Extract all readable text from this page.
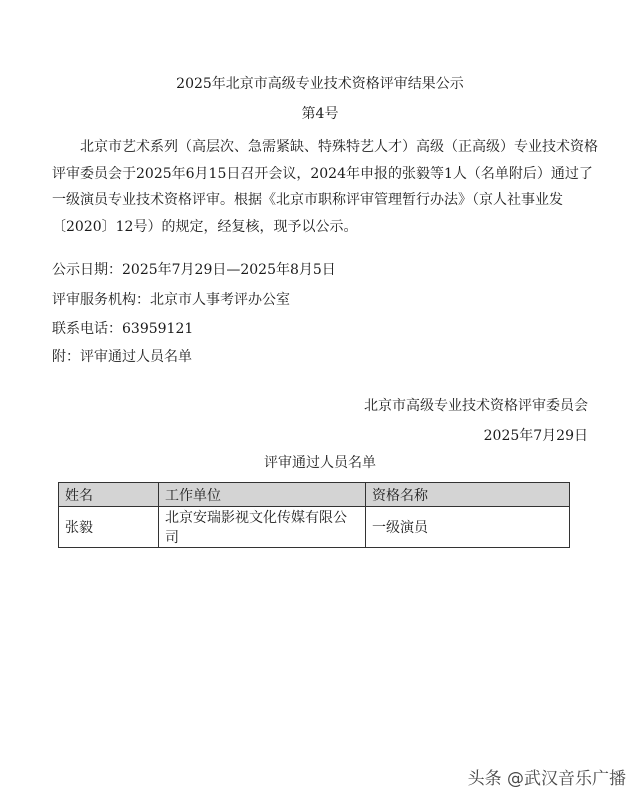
2025年北京市高级专业技术资格评审结果公示
第4号
北京市艺术系列（高层次、急需紧缺、特殊特艺人才）高级（正高级）专业技术资格评审委员会于2025年6月15日召开会议，2024年申报的张毅等1人（名单附后）通过了一级演员专业技术资格评审。根据《北京市职称评审管理暂行办法》（京人社事业发〔2020〕12号）的规定，经复核，现予以公示。
公示日期：2025年7月29日—2025年8月5日
评审服务机构：北京市人事考评办公室
联系电话：63959121
附：评审通过人员名单
北京市高级专业技术资格评审委员会
2025年7月29日
评审通过人员名单
姓名	工作单位	资格名称
张毅	北京安瑞影视文化传媒有限公司	一级演员
头条 @武汉音乐广播
